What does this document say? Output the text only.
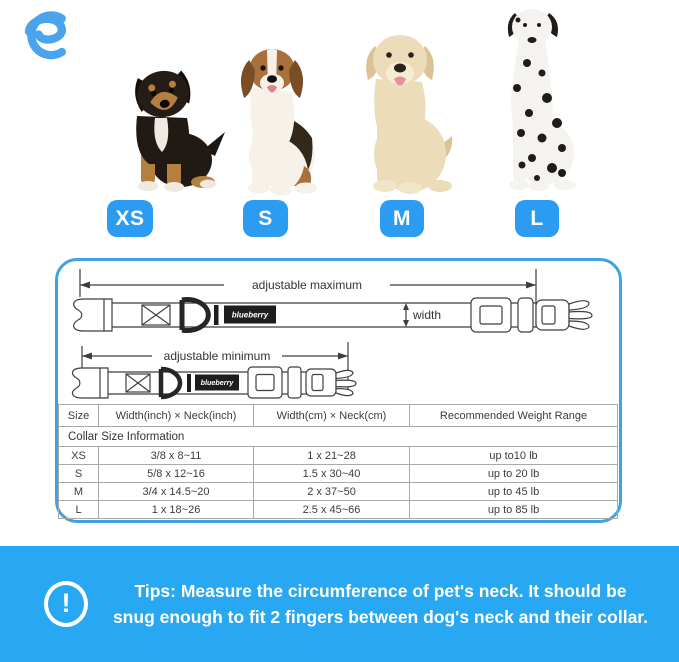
XS	S	M	L
adjustable maximum
blueberry	width
adjustable minimum
blueberry
Collar Size Information			
Size	Width(inch) × Neck(inch)	Width(cm) × Neck(cm)	Recommended Weight Range
XS	3/8 x 8~11	1 x 21~28	up to10 lb
S	5/8 x 12~16	1.5 x 30~40	up to 20 lb
M	3/4 x 14.5~20	2 x 37~50	up to 45 lb
L	1 x 18~26	2.5 x 45~66	up to 85 lb
!	Tips: Measure the circumference of pet's neck. It should be snug enough to fit 2 fingers between dog's neck and their collar.
